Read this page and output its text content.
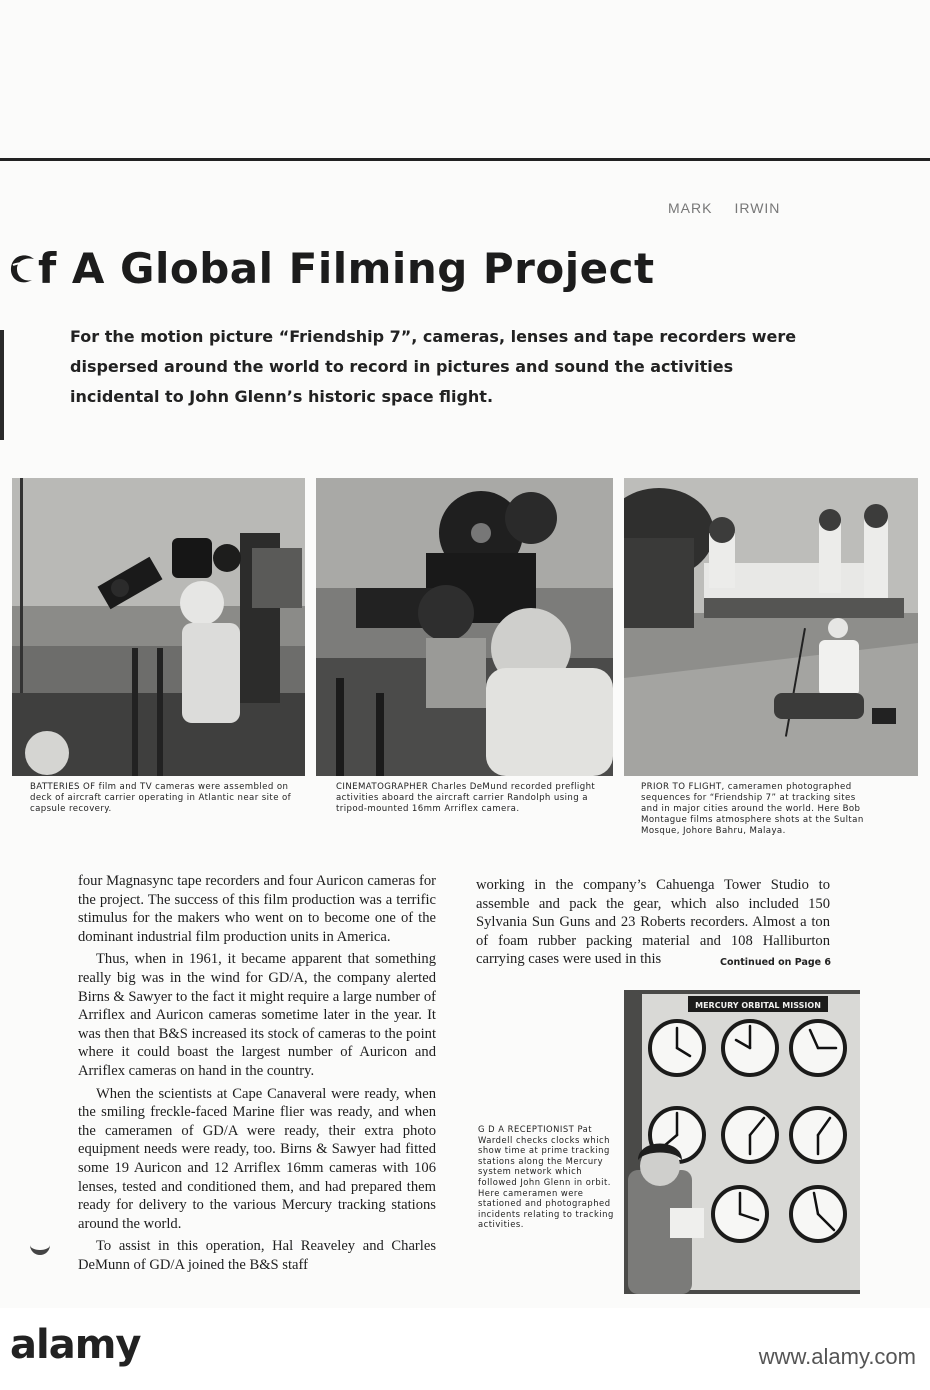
MARK IRWIN
f A Global Filming Project

For the motion picture “Friendship 7”, cameras, lenses and tape recorders were dispersed around the world to record in pictures and sound the activities incidental to John Glenn’s historic space flight.

BATTERIES OF film and TV cameras were assembled on deck of aircraft carrier operating in Atlantic near site of capsule recovery.

CINEMATOGRAPHER Charles DeMund recorded preflight activities aboard the aircraft carrier Randolph using a tripod-mounted 16mm Arriflex camera.

PRIOR TO FLIGHT, cameramen photographed sequences for “Friendship 7” at tracking sites and in major cities around the world. Here Bob Montague films atmosphere shots at the Sultan Mosque, Johore Bahru, Malaya.

four Magnasync tape recorders and four Auricon cameras for the project. The success of this film production was a terrific stimulus for the makers who went on to become one of the dominant industrial film production units in America.

Thus, when in 1961, it became apparent that something really big was in the wind for GD/A, the company alerted Birns & Sawyer to the fact it might require a large number of Arriflex and Auricon cameras sometime later in the year. It was then that B&S increased its stock of cameras to the point where it could boast the largest number of Auricon and Arriflex cameras on hand in the country.

When the scientists at Cape Canaveral were ready, when the smiling freckle-faced Marine flier was ready, and when the cameramen of GD/A were ready, their extra photo equipment needs were ready, too. Birns & Sawyer had fitted some 19 Auricon and 12 Arriflex 16mm cameras with 106 lenses, tested and conditioned them, and had prepared them ready for delivery to the various Mercury tracking stations around the world.

To assist in this operation, Hal Reaveley and Charles DeMunn of GD/A joined the B&S staff

working in the company’s Cahuenga Tower Studio to assemble and pack the gear, which also included 150 Sylvania Sun Guns and 23 Roberts recorders. Almost a ton of foam rubber packing material and 108 Halliburton carrying cases were used in this	Continued on Page 6

MERCURY ORBITAL MISSION

G D A RECEPTIONIST Pat Wardell checks clocks which show time at prime tracking stations along the Mercury system network which followed John Glenn in orbit. Here cameramen were stationed and photographed incidents relating to tracking activities.

alamy	www.alamy.com
